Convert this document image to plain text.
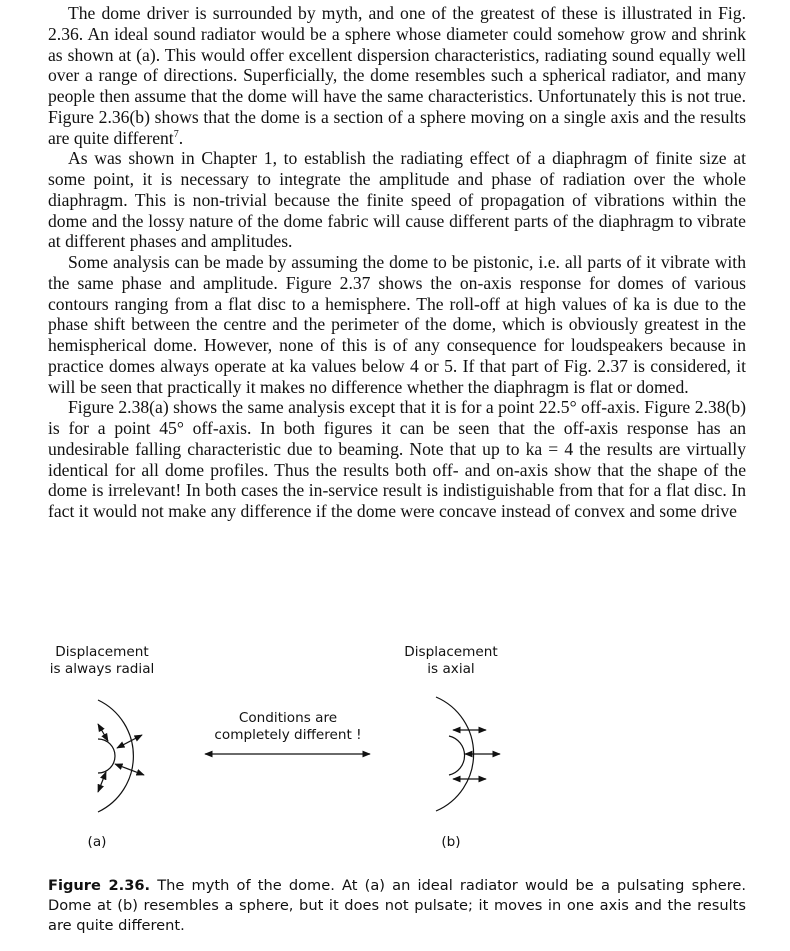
The dome driver is surrounded by myth, and one of the greatest of these is illustrated in Fig. 2.36. An ideal sound radiator would be a sphere whose diameter could somehow grow and shrink as shown at (a). This would offer excellent dispersion characteristics, radiating sound equally well over a range of directions. Superficially, the dome resembles such a spherical radiator, and many people then assume that the dome will have the same characteristics. Unfortunately this is not true. Figure 2.36(b) shows that the dome is a section of a sphere moving on a single axis and the results are quite different$^7$.

As was shown in Chapter 1, to establish the radiating effect of a diaphragm of finite size at some point, it is necessary to integrate the amplitude and phase of radiation over the whole diaphragm. This is non-trivial because the finite speed of propagation of vibrations within the dome and the lossy nature of the dome fabric will cause different parts of the diaphragm to vibrate at different phases and amplitudes.

Some analysis can be made by assuming the dome to be pistonic, i.e. all parts of it vibrate with the same phase and amplitude. Figure 2.37 shows the on-axis response for domes of various contours ranging from a flat disc to a hemisphere. The roll-off at high values of ka is due to the phase shift between the centre and the perimeter of the dome, which is obviously greatest in the hemispherical dome. However, none of this is of any consequence for loudspeakers because in practice domes always operate at ka values below 4 or 5. If that part of Fig. 2.37 is considered, it will be seen that practically it makes no difference whether the diaphragm is flat or domed.

Figure 2.38(a) shows the same analysis except that it is for a point 22.5° off-axis. Figure 2.38(b) is for a point 45° off-axis. In both figures it can be seen that the off-axis response has an undesirable falling characteristic due to beaming. Note that up to ka = 4 the results are virtually identical for all dome profiles. Thus the results both off- and on-axis show that the shape of the dome is irrelevant! In both cases the in-service result is indistiguishable from that for a flat disc. In fact it would not make any difference if the dome were concave instead of convex and some drive

Displacement
is always radial
Displacement
is axial
Conditions are
completely different !
(a)	(b)
Figure 2.36. The myth of the dome. At (a) an ideal radiator would be a pulsating sphere. Dome at (b) resembles a sphere, but it does not pulsate; it moves in one axis and the results are quite different.
